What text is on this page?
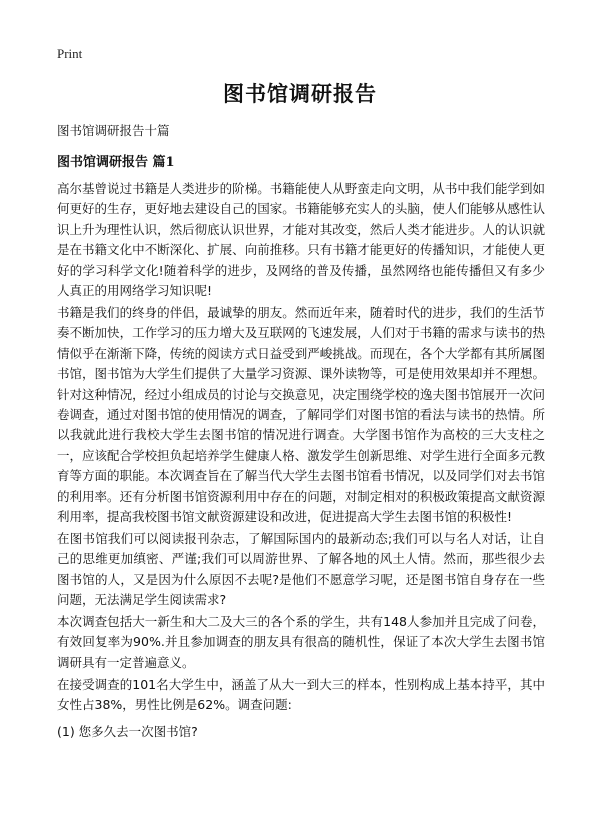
Print
图书馆调研报告
图书馆调研报告十篇
图书馆调研报告 篇1

高尔基曾说过书籍是人类进步的阶梯。书籍能使人从野蛮走向文明，从书中我们能学到如何更好的生存，更好地去建设自己的国家。书籍能够充实人的头脑，使人们能够从感性认识上升为理性认识，然后彻底认识世界，才能对其改变，然后人类才能进步。人的认识就是在书籍文化中不断深化、扩展、向前推移。只有书籍才能更好的传播知识，才能使人更好的学习科学文化!随着科学的进步，及网络的普及传播，虽然网络也能传播但又有多少人真正的用网络学习知识呢!

书籍是我们的终身的伴侣，最诚挚的朋友。然而近年来，随着时代的进步，我们的生活节奏不断加快，工作学习的压力增大及互联网的飞速发展，人们对于书籍的需求与读书的热情似乎在渐渐下降，传统的阅读方式日益受到严峻挑战。而现在，各个大学都有其所属图书馆，图书馆为大学生们提供了大量学习资源、课外读物等，可是使用效果却并不理想。针对这种情况，经过小组成员的讨论与交换意见，决定围绕学校的逸夫图书馆展开一次问卷调查，通过对图书馆的使用情况的调查，了解同学们对图书馆的看法与读书的热情。所以我就此进行我校大学生去图书馆的情况进行调查。大学图书馆作为高校的三大支柱之一，应该配合学校担负起培养学生健康人格、激发学生创新思维、对学生进行全面多元教育等方面的职能。本次调查旨在了解当代大学生去图书馆看书情况，以及同学们对去书馆的利用率。还有分析图书馆资源利用中存在的问题，对制定相对的积极政策提高文献资源利用率，提高我校图书馆文献资源建设和改进，促进提高大学生去图书馆的积极性!

在图书馆我们可以阅读报刊杂志，了解国际国内的最新动态;我们可以与名人对话，让自己的思维更加缜密、严谨;我们可以周游世界、了解各地的风土人情。然而，那些很少去图书馆的人，又是因为什么原因不去呢?是他们不愿意学习呢，还是图书馆自身存在一些问题，无法满足学生阅读需求?

本次调查包括大一新生和大二及大三的各个系的学生，共有148人参加并且完成了问卷，有效回复率为90%.并且参加调查的朋友具有很高的随机性，保证了本次大学生去图书馆调研具有一定普遍意义。

在接受调查的101名大学生中，涵盖了从大一到大三的样本，性别构成上基本持平，其中女性占38%，男性比例是62%。调查问题:

(1) 您多久去一次图书馆?
